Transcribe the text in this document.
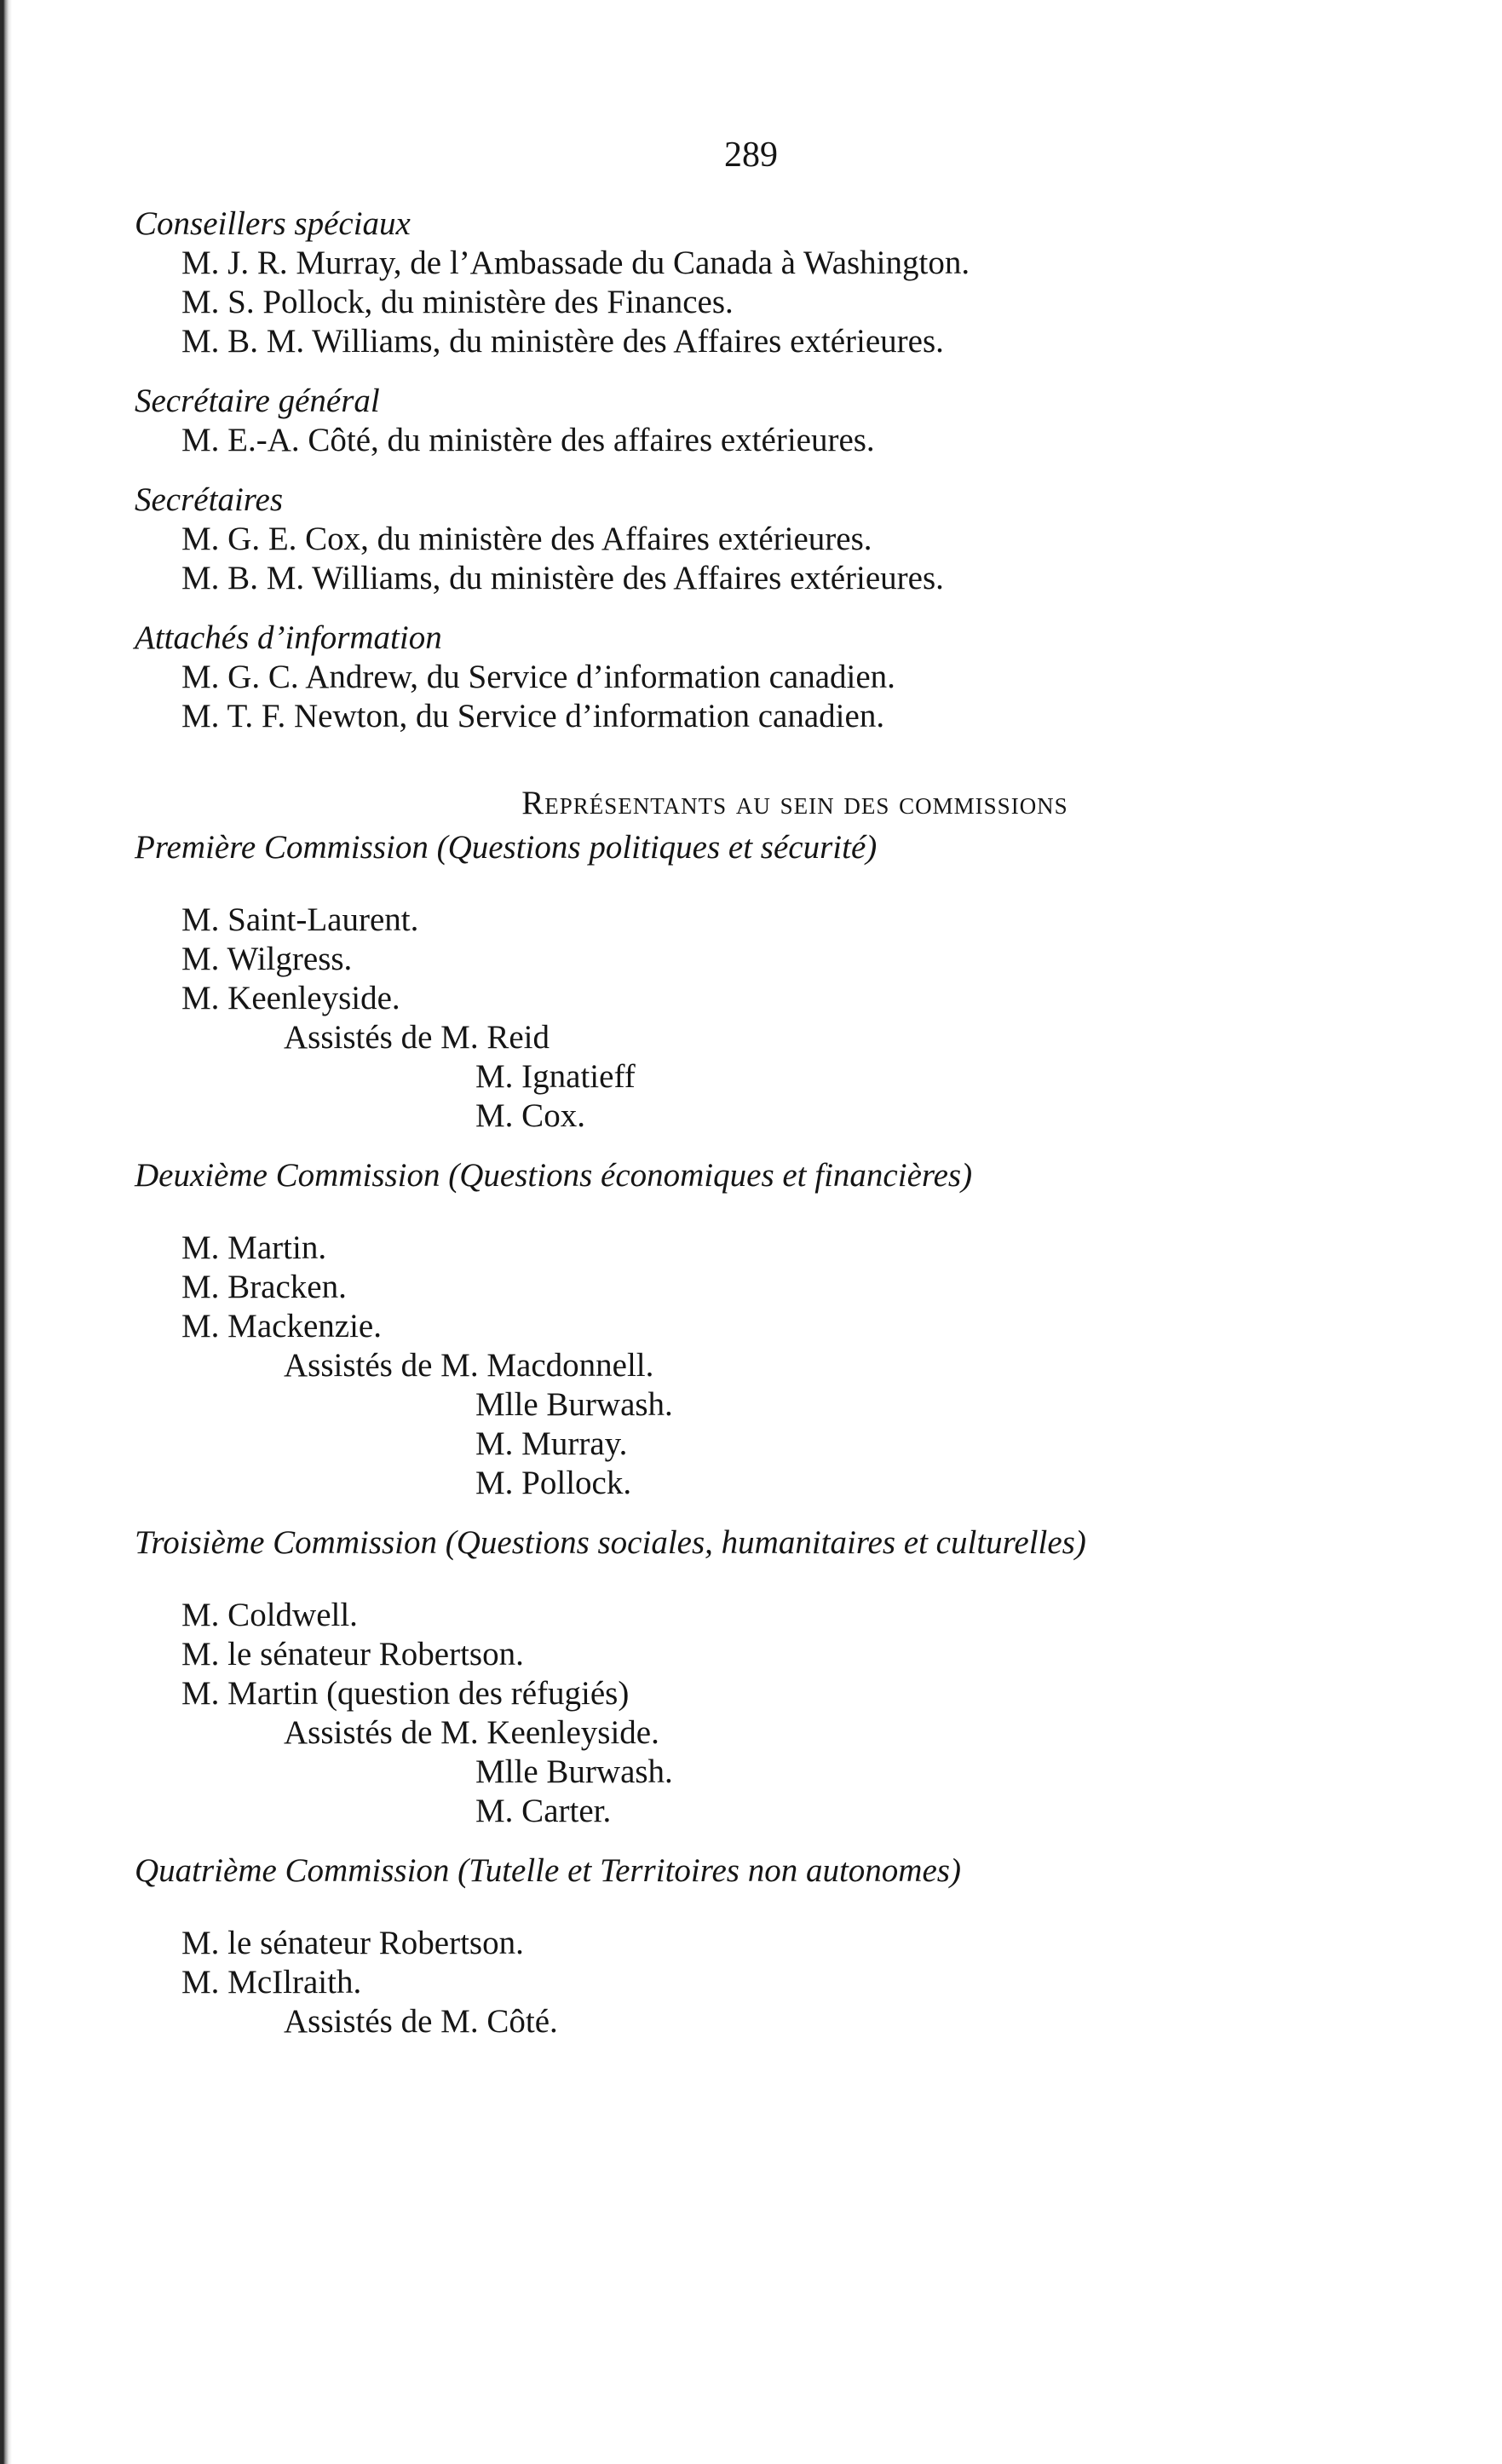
289

Conseillers spéciaux

M. J. R. Murray, de l’Ambassade du Canada à Washington.

M. S. Pollock, du ministère des Finances.

M. B. M. Williams, du ministère des Affaires extérieures.

Secrétaire général

M. E.-A. Côté, du ministère des affaires extérieures.

Secrétaires

M. G. E. Cox, du ministère des Affaires extérieures.

M. B. M. Williams, du ministère des Affaires extérieures.

Attachés d’information

M. G. C. Andrew, du Service d’information canadien.

M. T. F. Newton, du Service d’information canadien.

Représentants au sein des commissions

Première Commission (Questions politiques et sécurité)

M. Saint-Laurent.

M. Wilgress.

M. Keenleyside.

Assistés de M. Reid

M. Ignatieff

M. Cox.

Deuxième Commission (Questions économiques et financières)

M. Martin.

M. Bracken.

M. Mackenzie.

Assistés de M. Macdonnell.

Mlle Burwash.

M. Murray.

M. Pollock.

Troisième Commission (Questions sociales, humanitaires et culturelles)

M. Coldwell.

M. le sénateur Robertson.

M. Martin (question des réfugiés)

Assistés de M. Keenleyside.

Mlle Burwash.

M. Carter.

Quatrième Commission (Tutelle et Territoires non autonomes)

M. le sénateur Robertson.

M. McIlraith.

Assistés de M. Côté.
